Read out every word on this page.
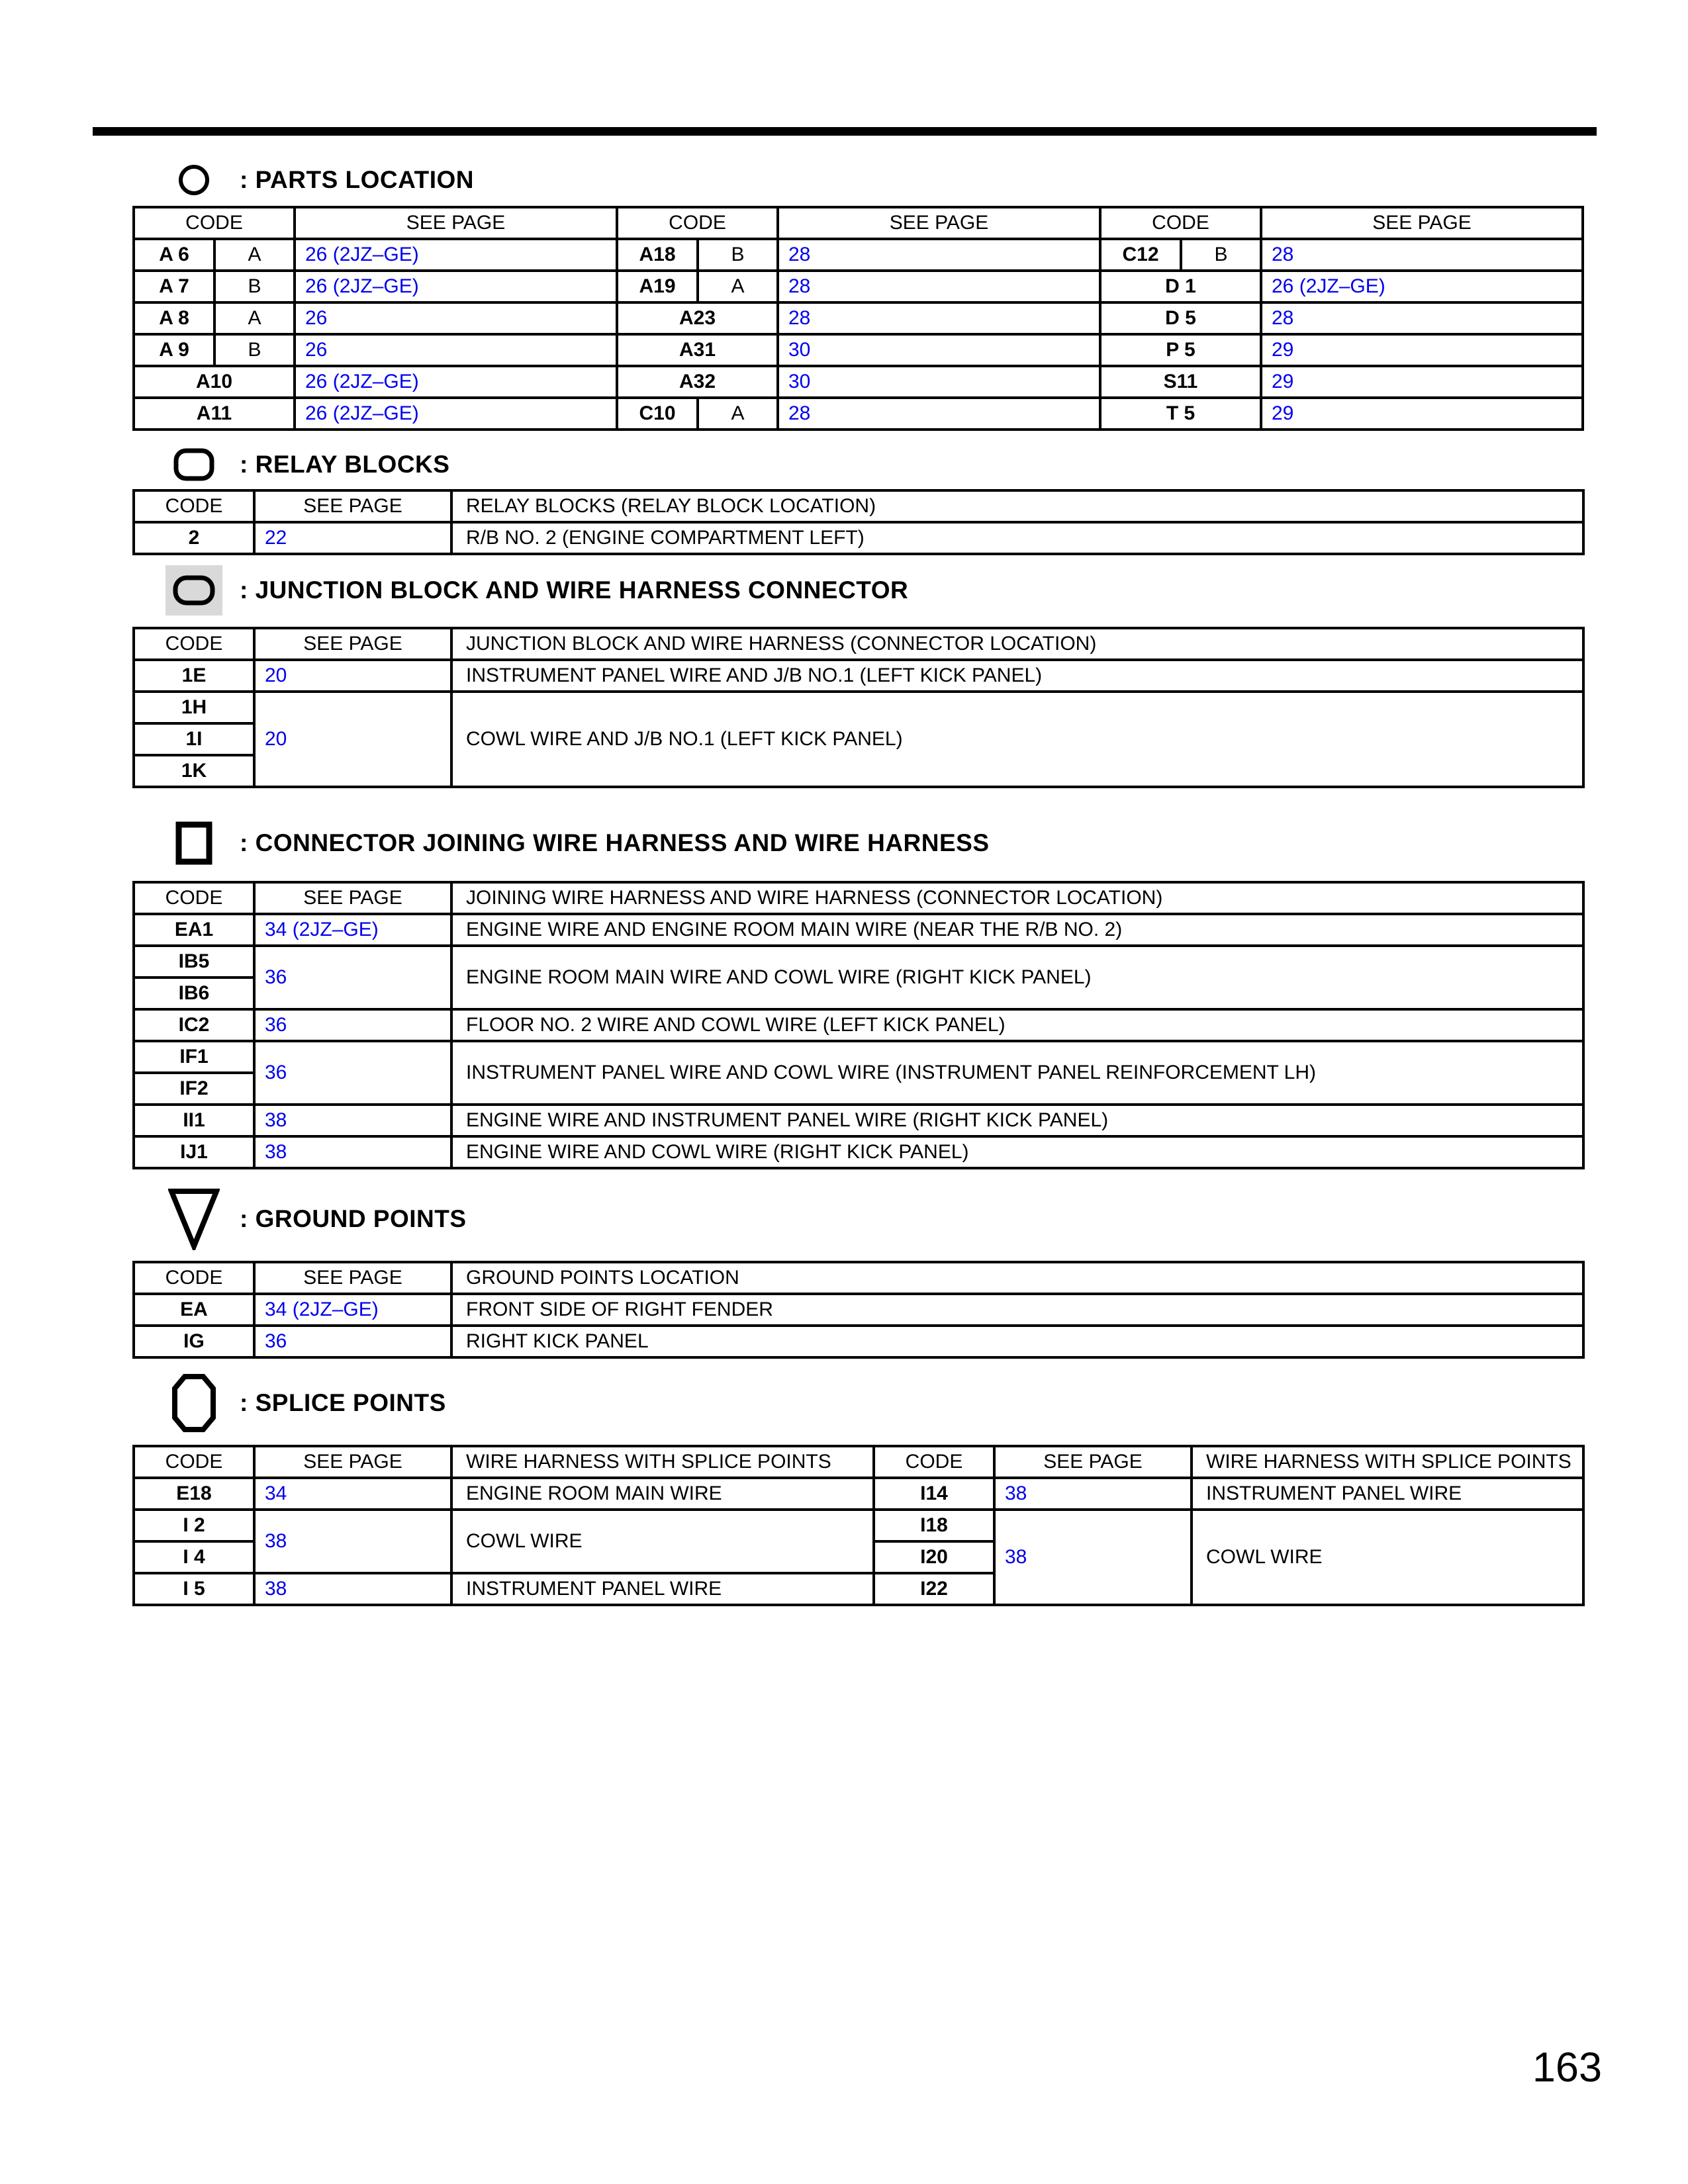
: PARTS LOCATION
CODE		SEE PAGE	CODE		SEE PAGE	CODE		SEE PAGE
A 6	A	26 (2JZ–GE)	A18	B	28	C12	B	28
A 7	B	26 (2JZ–GE)	A19	A	28	D 1		26 (2JZ–GE)
A 8	A	26	A23		28	D 5		28
A 9	B	26	A31		30	P 5		29
A10		26 (2JZ–GE)	A32		30	S11		29
A11		26 (2JZ–GE)	C10	A	28	T 5		29
: RELAY BLOCKS
CODE	SEE PAGE	RELAY BLOCKS (RELAY BLOCK LOCATION)
2	22	R/B NO. 2 (ENGINE COMPARTMENT LEFT)
: JUNCTION BLOCK AND WIRE HARNESS CONNECTOR
CODE	SEE PAGE	JUNCTION BLOCK AND WIRE HARNESS (CONNECTOR LOCATION)
1E	20	INSTRUMENT PANEL WIRE AND J/B NO.1 (LEFT KICK PANEL)
1H	20	COWL WIRE AND J/B NO.1 (LEFT KICK PANEL)
1I		
1K		
: CONNECTOR JOINING WIRE HARNESS AND WIRE HARNESS
CODE	SEE PAGE	JOINING WIRE HARNESS AND WIRE HARNESS (CONNECTOR LOCATION)
EA1	34 (2JZ–GE)	ENGINE WIRE AND ENGINE ROOM MAIN WIRE (NEAR THE R/B NO. 2)
IB5	36	ENGINE ROOM MAIN WIRE AND COWL WIRE (RIGHT KICK PANEL)
IB6		
IC2	36	FLOOR NO. 2 WIRE AND COWL WIRE (LEFT KICK PANEL)
IF1	36	INSTRUMENT PANEL WIRE AND COWL WIRE (INSTRUMENT PANEL REINFORCEMENT LH)
IF2		
II1	38	ENGINE WIRE AND INSTRUMENT PANEL WIRE (RIGHT KICK PANEL)
IJ1	38	ENGINE WIRE AND COWL WIRE (RIGHT KICK PANEL)
: GROUND POINTS
CODE	SEE PAGE	GROUND POINTS LOCATION
EA	34 (2JZ–GE)	FRONT SIDE OF RIGHT FENDER
IG	36	RIGHT KICK PANEL
: SPLICE POINTS
CODE	SEE PAGE	WIRE HARNESS WITH SPLICE POINTS	CODE	SEE PAGE	WIRE HARNESS WITH SPLICE POINTS
E18	34	ENGINE ROOM MAIN WIRE	I14	38	INSTRUMENT PANEL WIRE
I 2	38	COWL WIRE	I18	38	COWL WIRE
I 4			I20		
I 5	38	INSTRUMENT PANEL WIRE	I22		
163
